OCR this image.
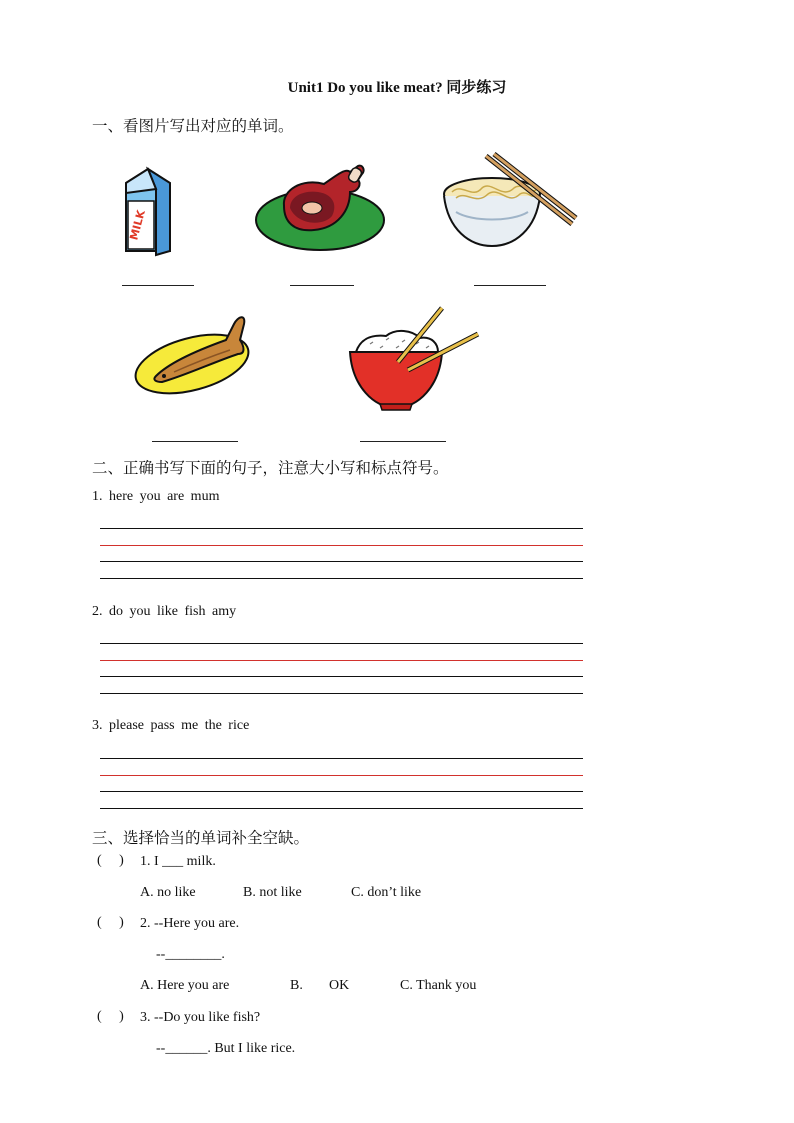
Unit1 Do you like meat? 同步练习
一、看图片写出对应的单词。
MILK
二、正确书写下面的句子，注意大小写和标点符号。
1. here you are mum
2. do you like fish amy
3. please pass me the rice
三、选择恰当的单词补全空缺。
(     ) 1. I ___ milk.
A. no like	B. not like	C. don’t like
(     ) 2. --Here you are.
--________.
A. Here you are	B. OK	C. Thank you
(     ) 3. --Do you like fish?
--______. But I like rice.
